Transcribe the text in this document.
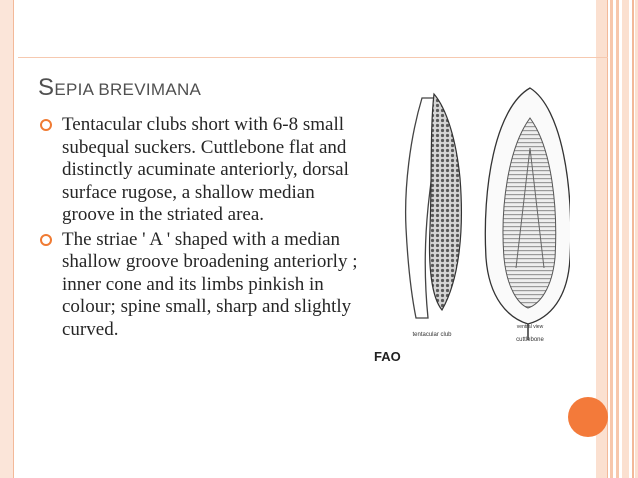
SEPIA BREVIMANA
Tentacular clubs short with 6-8 small subequal suckers. Cuttlebone flat and distinctly acuminate anteriorly, dorsal surface rugose, a shallow median groove in the striated area.
The striae ' A ' shaped with a median shallow groove broadening anteriorly ; inner cone and its limbs pinkish in colour; spine small, sharp and slightly curved.	tentacular club
ventral view
cuttlebone
FAO
